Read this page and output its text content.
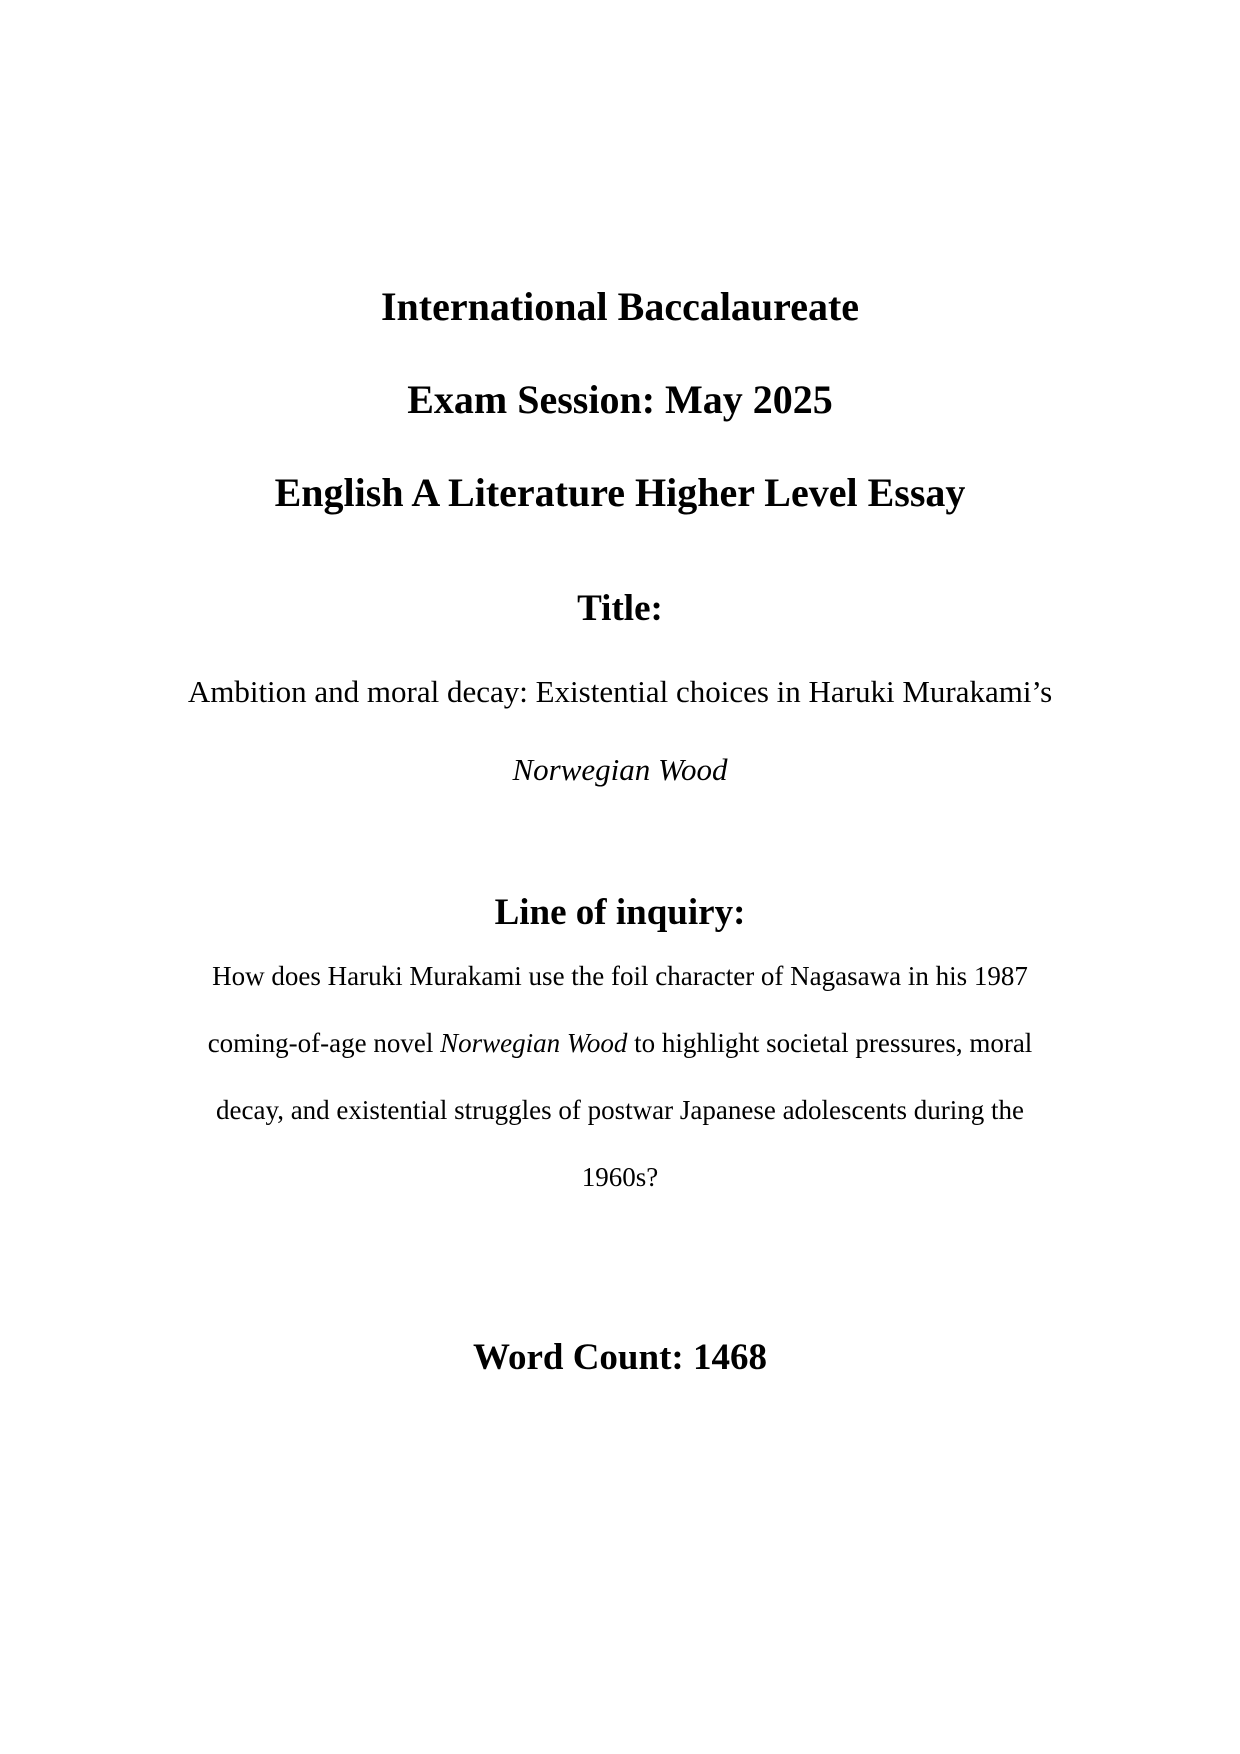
International Baccalaureate
Exam Session: May 2025
English A Literature Higher Level Essay
Title:
Ambition and moral decay: Existential choices in Haruki Murakami’s
Norwegian Wood
Line of inquiry:
How does Haruki Murakami use the foil character of Nagasawa in his 1987
coming-of-age novel Norwegian Wood to highlight societal pressures, moral
decay, and existential struggles of postwar Japanese adolescents during the
1960s?
Word Count: 1468
